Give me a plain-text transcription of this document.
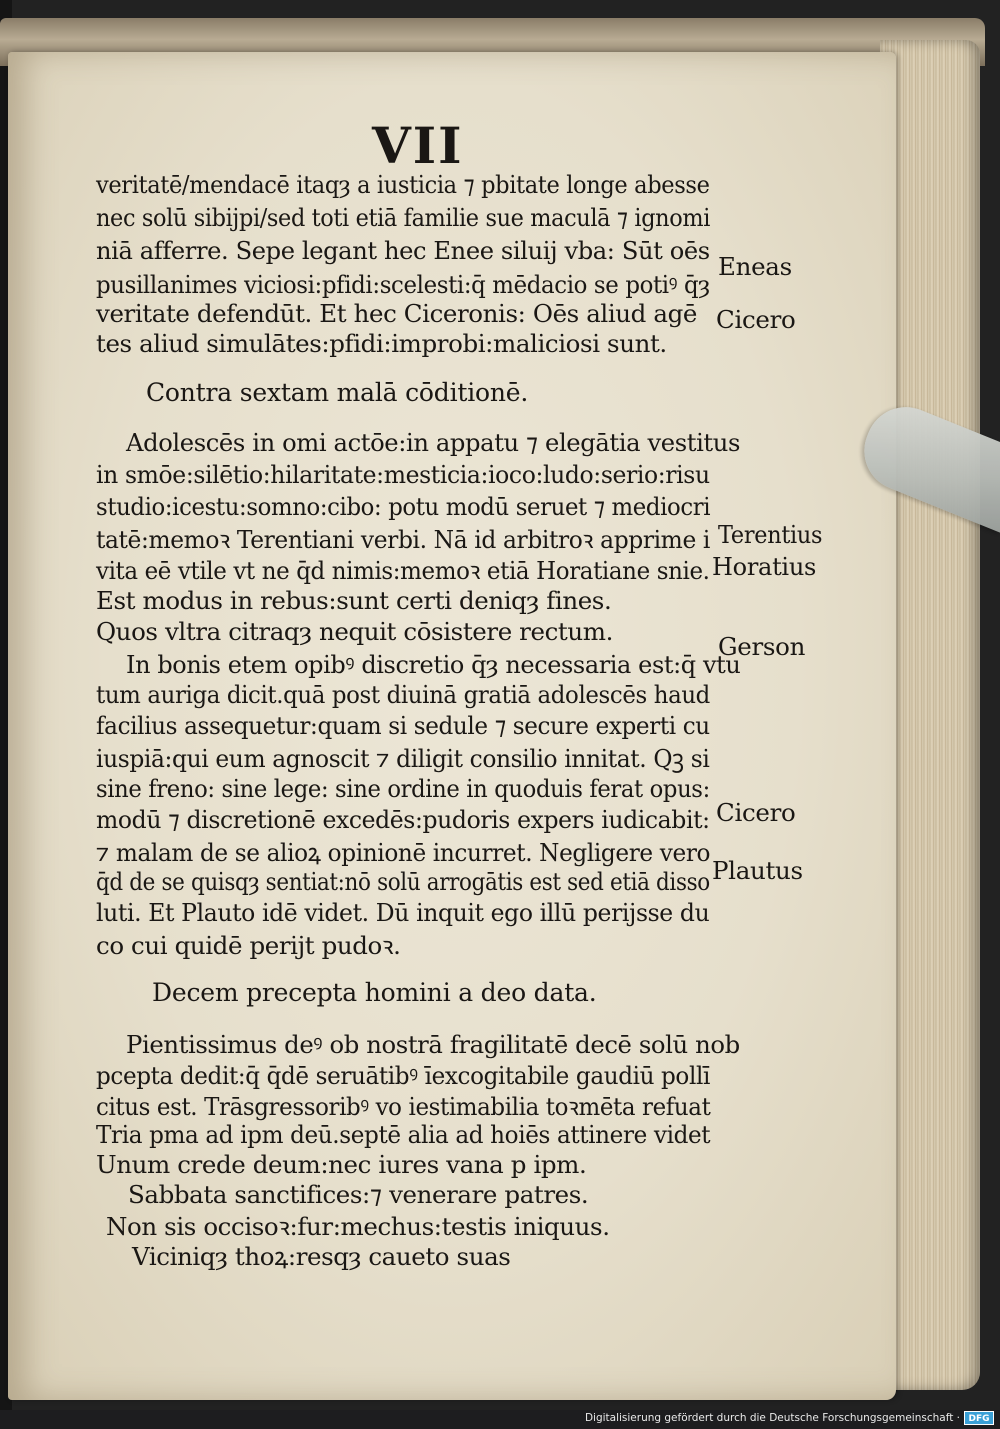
VII
veritatē/mendacē itaqȝ a iusticia ⁊ pbitate longe abesse
nec solū sibijpi/sed toti etiā familie sue maculā ⁊ ignomi
niā afferre. Sepe legant hec Enee siluij vba: Sūt oēs
pusillanimes viciosi:pfidi:scelesti:q̄ mēdacio se potiꝰ q̄ȝ
veritate defendūt. Et hec Ciceronis: Oēs aliud agē
tes aliud simulātes:pfidi:improbi:maliciosi sunt.
Contra sextam malā cōditionē.
Adolescēs in omi actōe:in appatu ⁊ elegātia vestitus
in smōe:silētio:hilaritate:mesticia:ioco:ludo:serio:risu
studio:icestu:somno:cibo: potu modū seruet ⁊ mediocri
tatē:memoꝛ Terentiani verbi. Nā id arbitroꝛ apprime i
vita eē vtile vt ne q̄d nimis:memoꝛ etiā Horatiane snie.
Est modus in rebus:sunt certi deniqȝ fines.
Quos vltra citraqȝ nequit cōsistere rectum.
In bonis etem opibꝰ discretio q̄ȝ necessaria est:q̄ vtu
tum auriga dicit.quā post diuinā gratiā adolescēs haud
facilius assequetur:quam si sedule ⁊ secure experti cu
iuspiā:qui eum agnoscit ⁊ diligit consilio innitat. Qꝫ si
sine freno: sine lege: sine ordine in quoduis ferat opus:
modū ⁊ discretionē excedēs:pudoris expers iudicabit:
⁊ malam de se alioꝝ opinionē incurret. Negligere vero
q̄d de se quisqȝ sentiat:nō solū arrogātis est sed etiā disso
luti. Et Plauto idē videt. Dū inquit ego illū perijsse du
co cui quidē perijt pudoꝛ.
Decem precepta homini a deo data.
Pientissimus deꝰ ob nostrā fragilitatē decē solū nob
pcepta dedit:q̄ q̄dē seruātibꝰ īexcogitabile gaudiū pollī
citus est. Trāsgressoribꝰ vo iestimabilia toꝛmēta refuat
Tria pma ad ipm deū.septē alia ad hoiēs attinere videt
Unum crede deum:nec iures vana p ipm.
Sabbata sanctifices:⁊ venerare patres.
Non sis occisoꝛ:fur:mechus:testis iniquus.
Viciniqȝ thoꝝ:resqȝ caueto suas
Eneas
Cicero
Terentius
Horatius
Gerson
Cicero
Plautus
Digitalisierung gefördert durch die Deutsche Forschungsgemeinschaft · DFG
